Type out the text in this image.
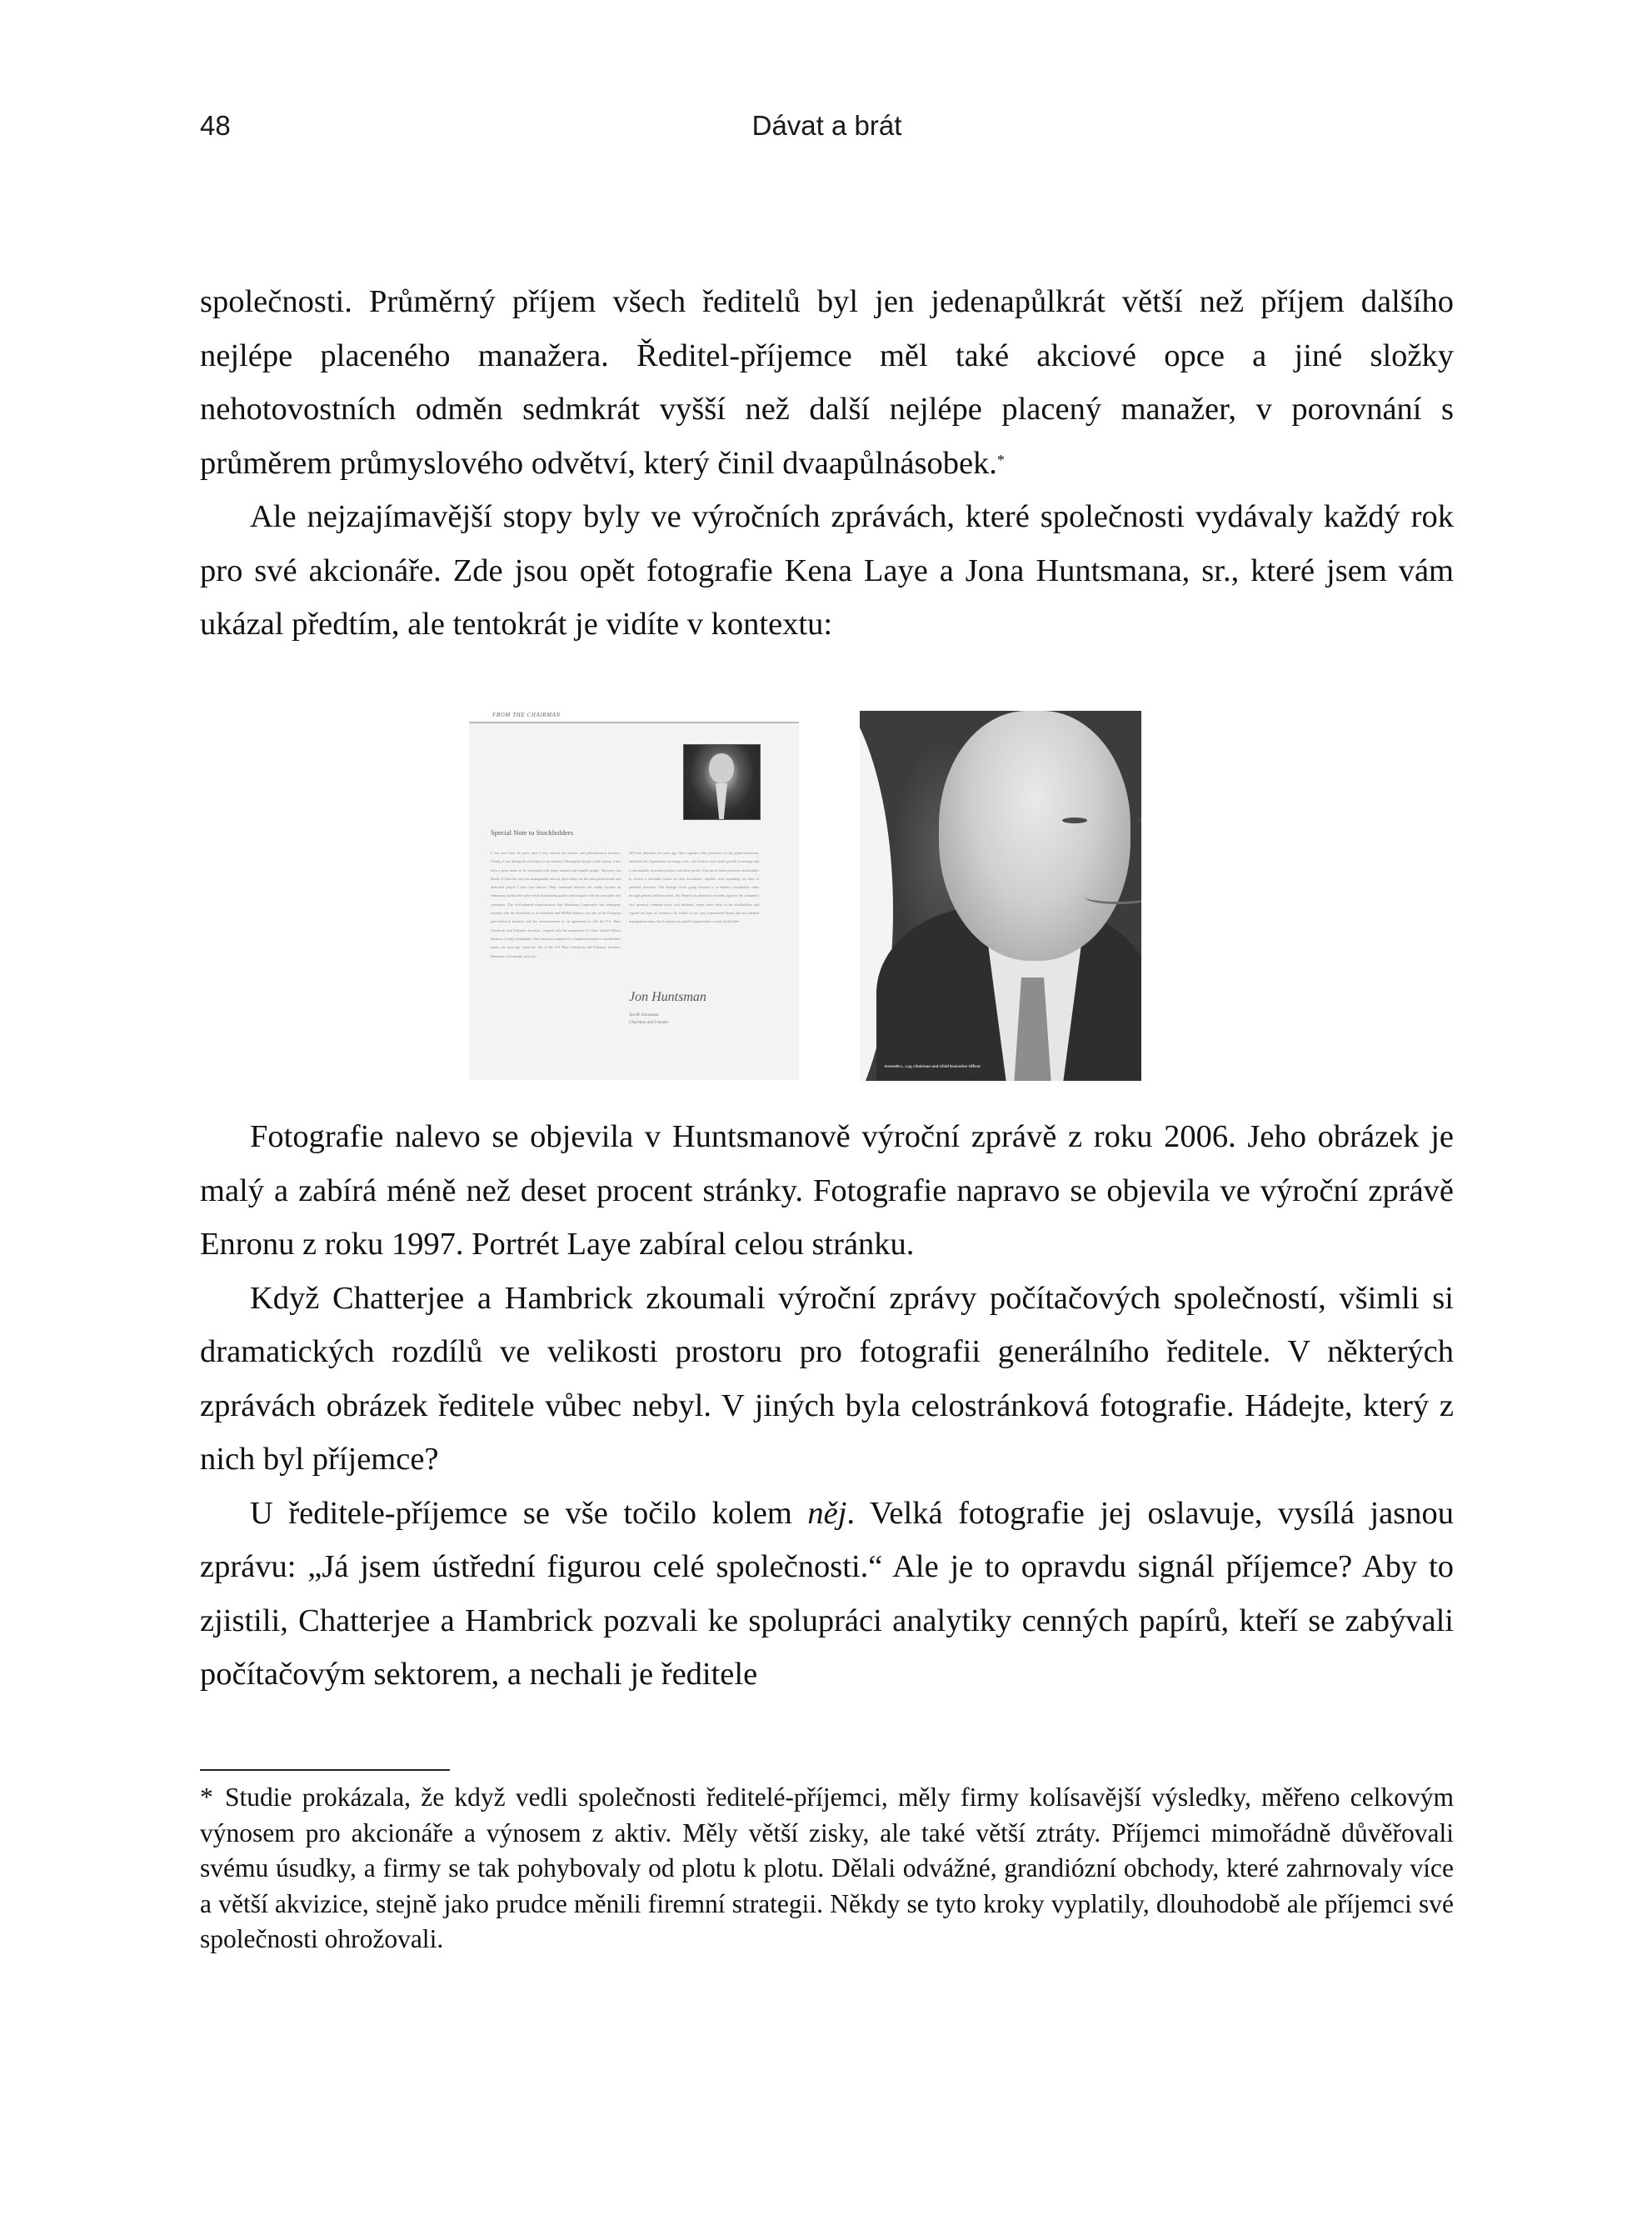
48	Dávat a brát

společnosti. Průměrný příjem všech ředitelů byl jen jedenapůlkrát větší než příjem dalšího nejlépe placeného manažera. Ředitel-příjemce měl také akciové opce a jiné složky nehotovostních odměn sedmkrát vyšší než další nejlépe placený manažer, v porovnání s průměrem průmyslového odvětví, který činil dvaapůlnásobek.*

Ale nejzajímavější stopy byly ve výročních zprávách, které společnosti vydávaly každý rok pro své akcionáře. Zde jsou opět fotografie Kena Laye a Jona Huntsmana, sr., které jsem vám ukázal předtím, ale tentokrát je vidíte v kontextu:

FROM THE CHAIRMAN
Special Note to Stockholders
It has now been 46 years since I first entered the plastics and petrochemical business. Clearly, it was during the early days of our industry. Throughout almost a half-century, it has been a great honor to be associated with many talented and capable people. However, our Board of Directors and our management team in place today are the most professional and dedicated people I have ever known. Their combined interests are totally focused on enhancing stockholder value while maintaining quality and integrity with our associates and customers. The well-planned transformation that Huntsman Corporation has undergone recently with the divestiture of its butadiene and MTBE business, the sale of the European petrochemical business and the announcement of an agreement to sell the U.S. Base Chemicals and Polymers business, coupled with the acquisition of Ciba's Textile Effects business, is truly remarkable. This transition completed a commitment made to stockholders nearly one year ago. Upon the sale of the U.S. Base Chemicals and Polymers business, Huntsman will emerge with over
50% less debt than two years ago. This, together with a portfolio of truly global businesses and much less dependence on energy costs, will result in more stable growth in earnings and a substantially increased positive cash flow profile. This move better positions stockholders to receive a favorable return on their investment, together with expanding our base of potential investors. The strategic focus going forward is to enhance stockholder value through growth and innovation. The Board was pleased to recently approve the company's first quarterly common stock cash dividend, return some value to the stockholders and expand our base of investors. On behalf of our very experienced Board and our talented management team, may I express our grateful appreciation to each stockholder.
Jon Huntsman
Jon M. Huntsman
Chairman and Founder
Kenneth L. Lay, Chairman and Chief Executive Officer

Fotografie nalevo se objevila v Huntsmanově výroční zprávě z roku 2006. Jeho obrázek je malý a zabírá méně než deset procent stránky. Fotografie napravo se objevila ve výroční zprávě Enronu z roku 1997. Portrét Laye zabíral celou stránku.

Když Chatterjee a Hambrick zkoumali výroční zprávy počítačových společností, všimli si dramatických rozdílů ve velikosti prostoru pro fotografii generálního ředitele. V některých zprávách obrázek ředitele vůbec nebyl. V jiných byla celostránková fotografie. Hádejte, který z nich byl příjemce?

U ředitele-příjemce se vše točilo kolem něj. Velká fotografie jej oslavuje, vysílá jasnou zprávu: „Já jsem ústřední figurou celé společnosti.“ Ale je to opravdu signál příjemce? Aby to zjistili, Chatterjee a Hambrick pozvali ke spolupráci analytiky cenných papírů, kteří se zabývali počítačovým sektorem, a nechali je ředitele

* Studie prokázala, že když vedli společnosti ředitelé-příjemci, měly firmy kolísavější výsledky, měřeno celkovým výnosem pro akcionáře a výnosem z aktiv. Měly větší zisky, ale také větší ztráty. Příjemci mimořádně důvěřovali svému úsudky, a firmy se tak pohybovaly od plotu k plotu. Dělali odvážné, grandiózní obchody, které zahrnovaly více a větší akvizice, stejně jako prudce měnili firemní strategii. Někdy se tyto kroky vyplatily, dlouhodobě ale příjemci své společnosti ohrožovali.
